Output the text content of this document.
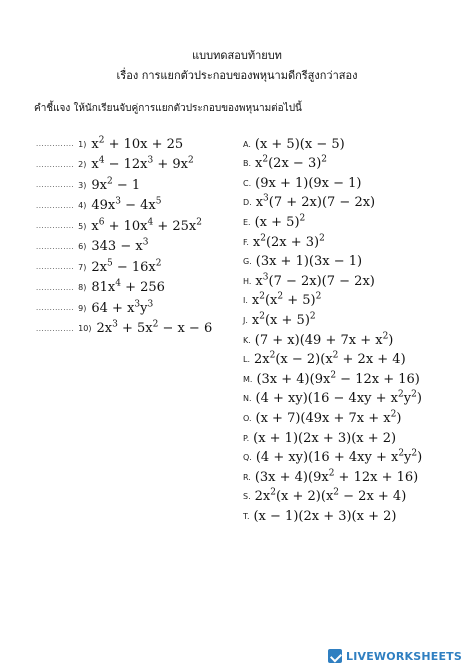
แบบทดสอบท้ายบท
เรื่อง การแยกตัวประกอบของพหุนามดีกรีสูงกว่าสอง
คำชี้แจง ให้นักเรียนจับคู่การแยกตัวประกอบของพหุนามต่อไปนี้
.............. 1) $x^2 + 10x + 25$
.............. 2) $x^4 - 12x^3 + 9x^2$
.............. 3) $9x^2 - 1$
.............. 4) $49x^3 - 4x^5$
.............. 5) $x^6 + 10x^4 + 25x^2$
.............. 6) $343 - x^3$
.............. 7) $2x^5 - 16x^2$
.............. 8) $81x^4 + 256$
.............. 9) $64 + x^3y^3$
.............. 10) $2x^3 + 5x^2 - x - 6$
A. (x + 5)(x − 5)
B. $x^2(2x - 3)^2$
C. (9x + 1)(9x − 1)
D. $x^3(7 + 2x)(7 - 2x)$
E. $(x + 5)^2$
F. $x^2(2x + 3)^2$
G. (3x + 1)(3x − 1)
H. $x^3(7 - 2x)(7 - 2x)$
I. $x^2(x^2 + 5)^2$
J. $x^2(x + 5)^2$
K. $(7 + x)(49 + 7x + x^2)$
L. $2x^2(x - 2)(x^2 + 2x + 4)$
M. $(3x + 4)(9x^2 - 12x + 16)$
N. $(4 + xy)(16 - 4xy + x^2y^2)$
O. $(x + 7)(49x + 7x + x^2)$
P. (x + 1)(2x + 3)(x + 2)
Q. $(4 + xy)(16 + 4xy + x^2y^2)$
R. $(3x + 4)(9x^2 + 12x + 16)$
S. $2x^2(x + 2)(x^2 - 2x + 4)$
T. (x − 1)(2x + 3)(x + 2)
LIVEWORKSHEETS
